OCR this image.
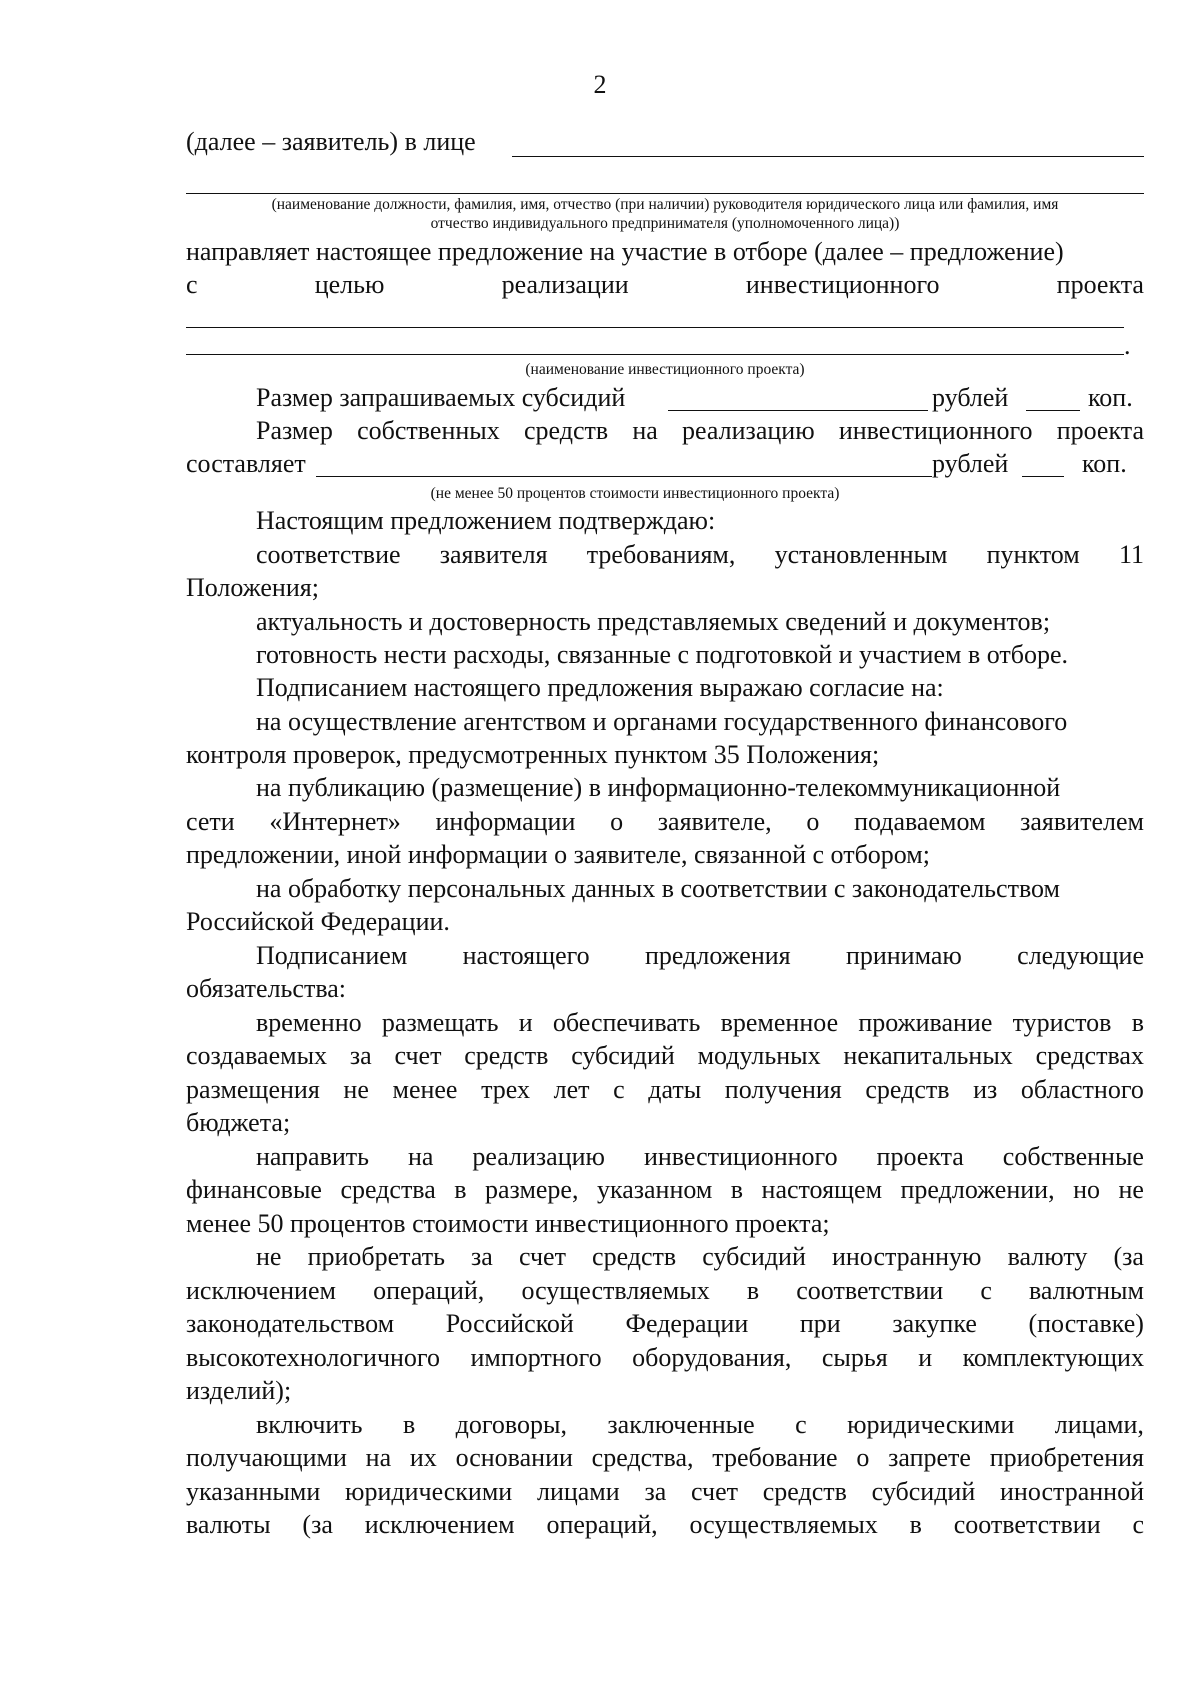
2
(далее – заявитель) в лице
(наименование должности, фамилия, имя, отчество (при наличии) руководителя юридического лица или фамилия, имя
отчество индивидуального предпринимателя (уполномоченного лица))
направляет настоящее предложение на участие в отборе (далее – предложение)
с	целью	реализации	инвестиционного	проекта
.
(наименование инвестиционного проекта)
Размер запрашиваемых субсидий	рублей	коп.
Размер собственных средств на реализацию инвестиционного проекта
составляет	рублей	коп.
(не менее 50 процентов стоимости инвестиционного проекта)
Настоящим предложением подтверждаю:
соответствие заявителя требованиям, установленным пунктом 11
Положения;
актуальность и достоверность представляемых сведений и документов;
готовность нести расходы, связанные с подготовкой и участием в отборе.
Подписанием настоящего предложения выражаю согласие на:
на осуществление агентством и органами государственного финансового
контроля проверок, предусмотренных пунктом 35 Положения;
на публикацию (размещение) в информационно-телекоммуникационной
сети «Интернет» информации о заявителе, о подаваемом заявителем
предложении, иной информации о заявителе, связанной с отбором;
на обработку персональных данных в соответствии с законодательством
Российской Федерации.
Подписанием настоящего предложения принимаю следующие
обязательства:
временно размещать и обеспечивать временное проживание туристов в
создаваемых за счет средств субсидий модульных некапитальных средствах
размещения не менее трех лет с даты получения средств из областного
бюджета;
направить на реализацию инвестиционного проекта собственные
финансовые средства в размере, указанном в настоящем предложении, но не
менее 50 процентов стоимости инвестиционного проекта;
не приобретать за счет средств субсидий иностранную валюту (за
исключением операций, осуществляемых в соответствии с валютным
законодательством Российской Федерации при закупке (поставке)
высокотехнологичного импортного оборудования, сырья и комплектующих
изделий);
включить в договоры, заключенные с юридическими лицами,
получающими на их основании средства, требование о запрете приобретения
указанными юридическими лицами за счет средств субсидий иностранной
валюты (за исключением операций, осуществляемых в соответствии с
